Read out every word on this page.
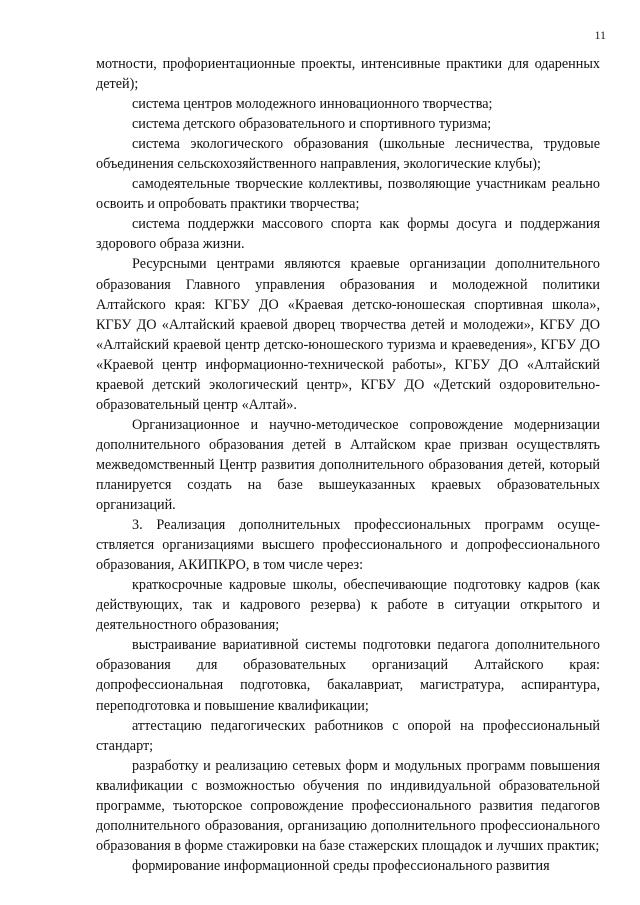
11

мотности, профориентационные проекты, интенсивные практики для одаренных детей);

система центров молодежного инновационного творчества;

система детского образовательного и спортивного туризма;

система экологического образования (школьные лесничества, трудовые объединения сельскохозяйственного направления, экологические клубы);

самодеятельные творческие коллективы, позволяющие участникам реально освоить и опробовать практики творчества;

система поддержки массового спорта как формы досуга и поддержания здорового образа жизни.

Ресурсными центрами являются краевые организации дополнительного образования Главного управления образования и молодежной политики Алтайского края: КГБУ ДО «Краевая детско-юношеская спортивная школа», КГБУ ДО «Алтайский краевой дворец творчества детей и молодежи», КГБУ ДО «Алтайский краевой центр детско-юношеского туризма и краеведения», КГБУ ДО «Краевой центр информационно-технической работы», КГБУ ДО «Алтайский краевой детский экологический центр», КГБУ ДО «Детский оздоровительно-образовательный центр «Алтай».

Организационное и научно-методическое сопровождение модернизации дополнительного образования детей в Алтайском крае призван осуществлять межведомственный Центр развития дополнительного образования детей, который планируется создать на базе вышеуказанных краевых образовательных организаций.

3. Реализация дополнительных профессиональных программ осуществляется организациями высшего профессионального и допрофессионального образования, АКИПКРО, в том числе через:

краткосрочные кадровые школы, обеспечивающие подготовку кадров (как действующих, так и кадрового резерва) к работе в ситуации открытого и деятельностного образования;

выстраивание вариативной системы подготовки педагога дополнительного образования для образовательных организаций Алтайского края: допрофессиональная подготовка, бакалавриат, магистратура, аспирантура, переподготовка и повышение квалификации;

аттестацию педагогических работников с опорой на профессиональный стандарт;

разработку и реализацию сетевых форм и модульных программ повышения квалификации с возможностью обучения по индивидуальной образовательной программе, тьюторское сопровождение профессионального развития педагогов дополнительного образования, организацию дополнительного профессионального образования в форме стажировки на базе стажерских площадок и лучших практик;

формирование информационной среды профессионального развития
